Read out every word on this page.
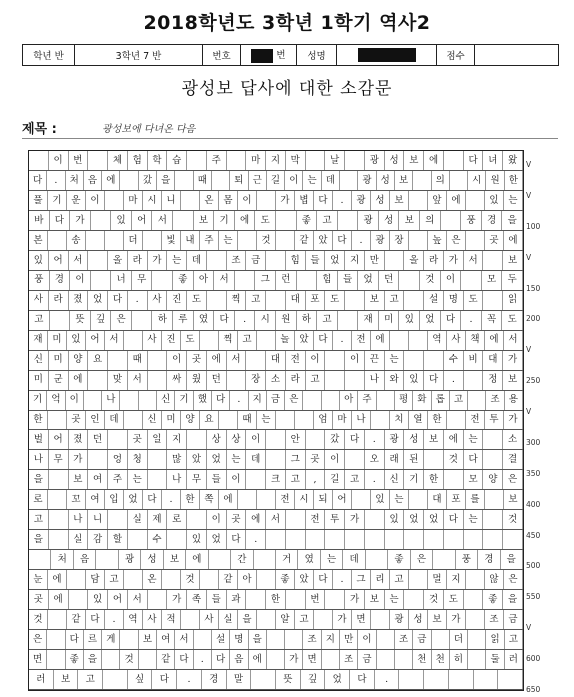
2018학년도 3학년 1학기 역사2
학년 반	3학년 7 반	번호	번	성명		점수	
광성보 답사에 대한 소감문
제목 :	광성보에 다녀온 다음
이	번	체	험	학	습	주	마	지	막	날	광	성	보	에	다	녀	왔
다	.	처 음 에	갔 을	때	퇴 근 길 이 는 데	광 성 보	의	시 원 한
풀	기	운	이	마	시	니	온	몸	이	가	볍	다	.	광	성	보	앞	에	있	는
바	다	가	있	어	서	보	기	에	도	좋	고	광	성	보	의	풍	경	을
본	송	더	빛	내	주	는	것	같	았	다	.	광	장	높	은	곳	에
있	어	서	올	라	가	는	데	조	금	힘	들	었	지	만	올	라	가	서	보
풍	경	이	너	무	좋	아	서	그	런	힘	들	었	던	것	이	모	두
사	라	졌	었	다	.	사	진	도	찍	고	대	포	도	보	고	설	명	도	읽
고	뜻	깊	은	하	루	였	다	.	시	원	하	고	재	미	있	었	다	.	꼭	도
재	미	있	어	서	사	진	도	찍	고	놀	았	다	.	전	에	역	사	책	에	서
신	미	양	요	때	이	곳	에	서	대	전	이	이	끈	는	수	비	대	가
미	군	에	맞	서	싸	웠	던	장	소	라	고	나	와	있	다	.	정	보
기 억 이	나	신 기 했 다	.	지 금 은	아 주	평 화 롭 고	조 용
한	곳	인	데	신	미	양	요	때	는	엄	마	나	치	열	한	전	투	가
벌	어	졌	던	곳	일	지	상	상	이	안	갔	다	.	광	성	보	에	는	소
나	무	가	엉	청	많	았	었	는	데	그	곳	이	오	래	된	것	다	결
을	보	여	주	는	나	무	들	이	크	고	,	길	고	.	신	기	한	모	양	은
로	꼬	여	입	었	다	.	한	쪽	에	전	시	되	어	있	는	대	포	를	보
고	나	니	실	제	로	이	곳	에	서	전	투	가	있	었	었	다	는	것
을	실	감	할	수	있	었	다	.
처	음	광	성	보	에	간	거	였	는	데	좋	은	풍	경	을
눈	에	담	고	온	것	같	아	좋	았	다	.	그	리	고	멀	지	않	은
곳	에	있	어	서	가	족	들	과	한	번	가	보	는	것	도	좋	을
것	같	다	.	역	사	적	사	실	을	알	고	가	면	광	성	보	가	조	금
은	다 르 게	보 여 서	설 명 을	조 지 만 이	조 금	더	읽 고
면	좋 을	것	같 다	.	다 음 에	가 면	조 금	천 천 히	둘 러
러	보	고	싶	다	.	경	말	뜻	깊	었	다	.
V
V
100
V
150
200
V
250
V
300
350
400
450
500
550
V
600
650
